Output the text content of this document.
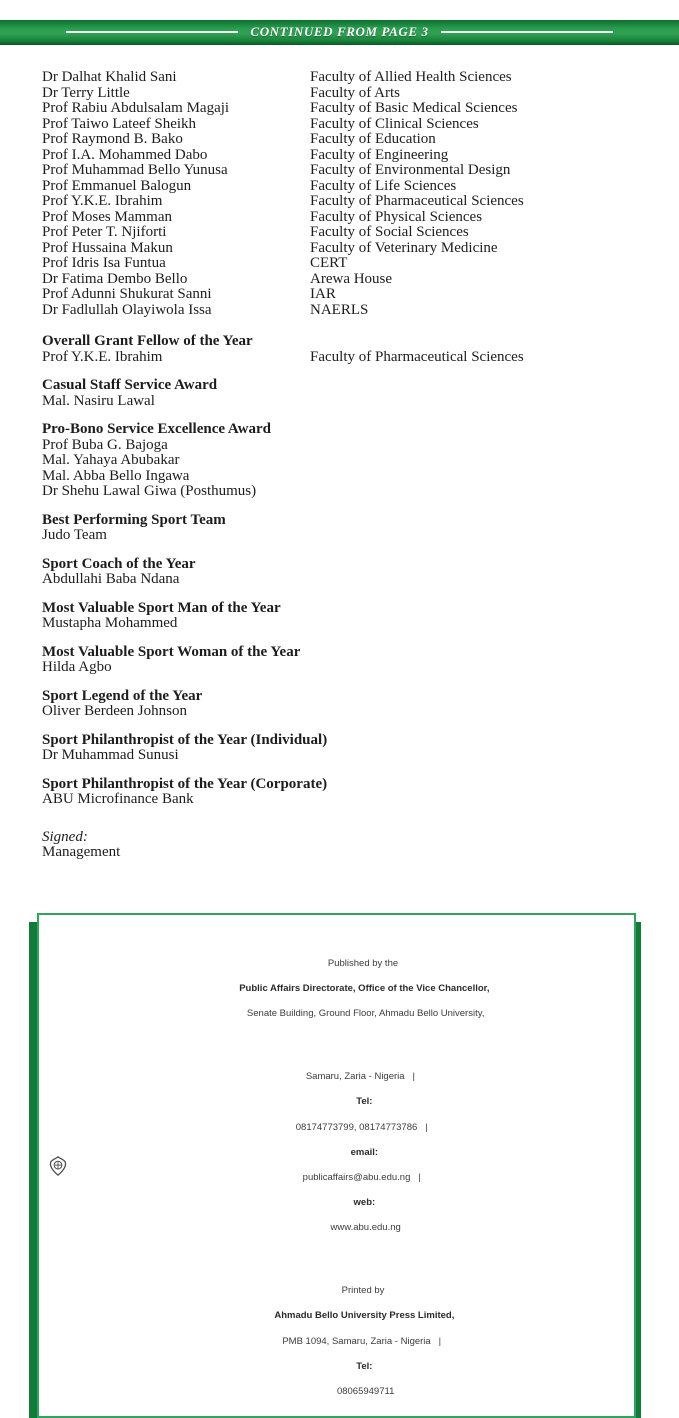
CONTINUED FROM PAGE 3
Dr Dalhat Khalid Sani	Faculty of Allied Health Sciences
Dr Terry Little	Faculty of Arts
Prof Rabiu Abdulsalam Magaji	Faculty of Basic Medical Sciences
Prof Taiwo Lateef Sheikh	Faculty of Clinical Sciences
Prof Raymond B. Bako	Faculty of Education
Prof I.A. Mohammed Dabo	Faculty of Engineering
Prof Muhammad Bello Yunusa	Faculty of Environmental Design
Prof Emmanuel Balogun	Faculty of Life Sciences
Prof Y.K.E. Ibrahim	Faculty of Pharmaceutical Sciences
Prof Moses Mamman	Faculty of Physical Sciences
Prof Peter T. Njiforti	Faculty of Social Sciences
Prof Hussaina Makun	Faculty of Veterinary Medicine
Prof Idris Isa Funtua	CERT
Dr Fatima Dembo Bello	Arewa House
Prof Adunni Shukurat Sanni	IAR
Dr Fadlullah Olayiwola Issa	NAERLS
Overall Grant Fellow of the Year
Prof Y.K.E. Ibrahim	Faculty of Pharmaceutical Sciences
Casual Staff Service Award
Mal. Nasiru Lawal
Pro-Bono Service Excellence Award
Prof Buba G. Bajoga
Mal. Yahaya Abubakar
Mal. Abba Bello Ingawa
Dr Shehu Lawal Giwa (Posthumus)
Best Performing Sport Team
Judo Team
Sport Coach of the Year
Abdullahi Baba Ndana
Most Valuable Sport Man of the Year
Mustapha Mohammed
Most Valuable Sport Woman of the Year
Hilda Agbo
Sport Legend of the Year
Oliver Berdeen Johnson
Sport Philanthropist of the Year (Individual)
Dr Muhammad Sunusi
Sport Philanthropist of the Year (Corporate)
ABU Microfinance Bank
Signed:
Management

Published by the

Public Affairs Directorate, Office of the Vice Chancellor,

Senate Building, Ground Floor, Ahmadu Bello University,

Samaru, Zaria - Nigeria   |

Tel:

08174773799, 08174773786   |

email:

publicaffairs@abu.edu.ng   |

web:

www.abu.edu.ng

Printed by

Ahmadu Bello University Press Limited,

PMB 1094, Samaru, Zaria - Nigeria   |

Tel:

08065949711
